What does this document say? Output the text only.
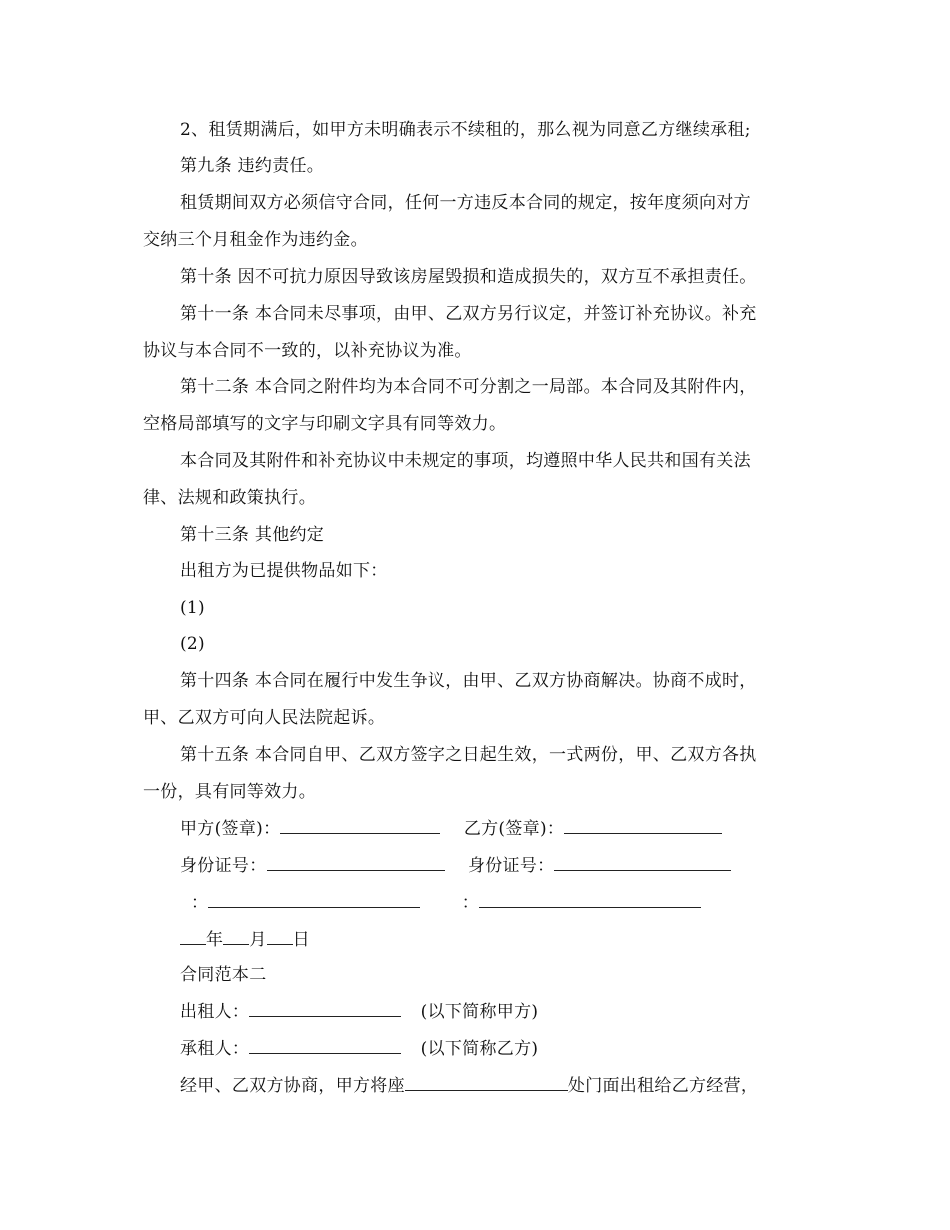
2、租赁期满后，如甲方未明确表示不续租的，那么视为同意乙方继续承租;
第九条 违约责任。
租赁期间双方必须信守合同，任何一方违反本合同的规定，按年度须向对方
交纳三个月租金作为违约金。
第十条 因不可抗力原因导致该房屋毁损和造成损失的，双方互不承担责任。
第十一条 本合同未尽事项，由甲、乙双方另行议定，并签订补充协议。补充
协议与本合同不一致的，以补充协议为准。
第十二条 本合同之附件均为本合同不可分割之一局部。本合同及其附件内，
空格局部填写的文字与印刷文字具有同等效力。
本合同及其附件和补充协议中未规定的事项，均遵照中华人民共和国有关法
律、法规和政策执行。
第十三条 其他约定
出租方为已提供物品如下：
(1)
(2)
第十四条 本合同在履行中发生争议，由甲、乙双方协商解决。协商不成时，
甲、乙双方可向人民法院起诉。
第十五条 本合同自甲、乙双方签字之日起生效，一式两份，甲、乙双方各执
一份，具有同等效力。
甲方(签章)：	乙方(签章)：
身份证号：	身份证号：
：	：
年 月 日
合同范本二
出租人：	(以下简称甲方)
承租人：	(以下简称乙方)
经甲、乙双方协商，甲方将座	处门面出租给乙方经营，
